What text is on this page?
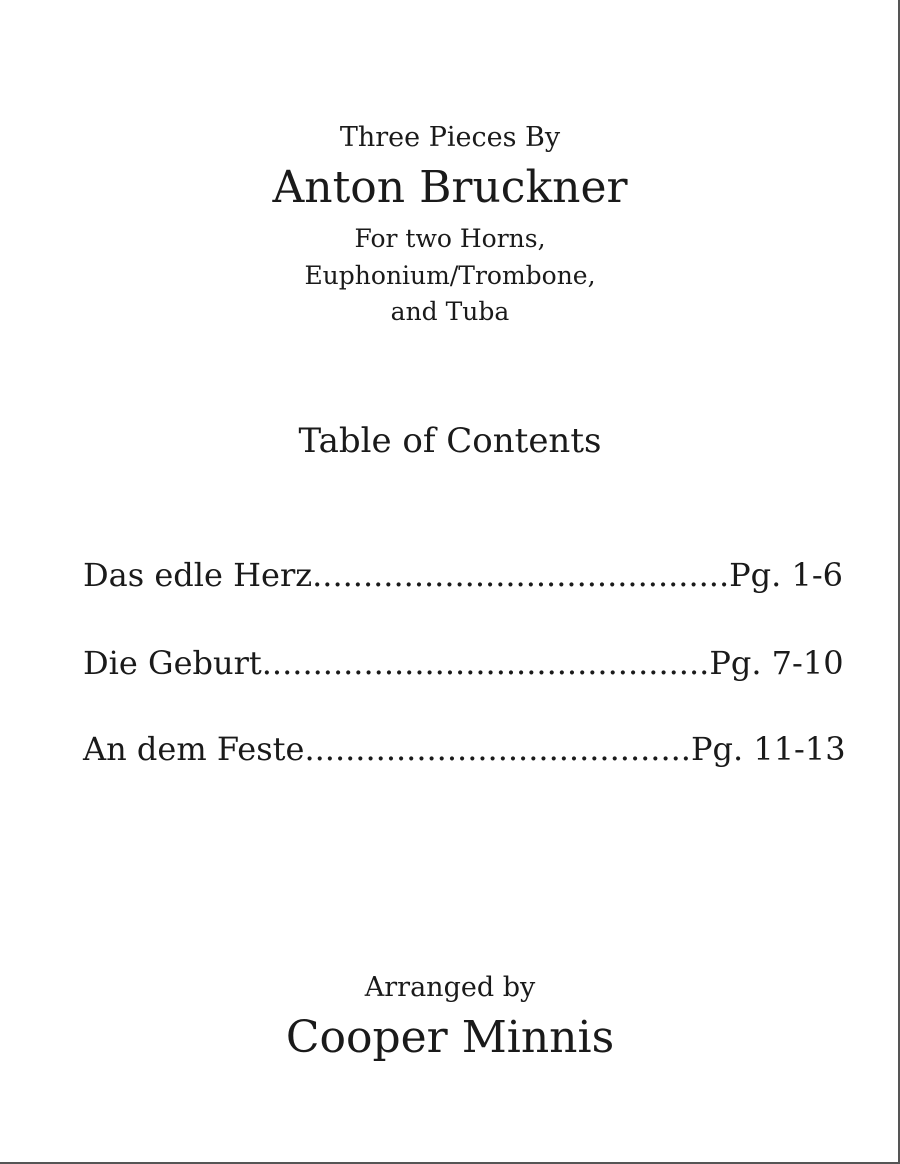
Three Pieces By
Anton Bruckner
For two Horns,
Euphonium/Trombone,
and Tuba
Table of Contents
Das edle Herz.........................................Pg. 1-6
Die Geburt............................................Pg. 7-10
An dem Feste......................................Pg. 11-13
Arranged by
Cooper Minnis
